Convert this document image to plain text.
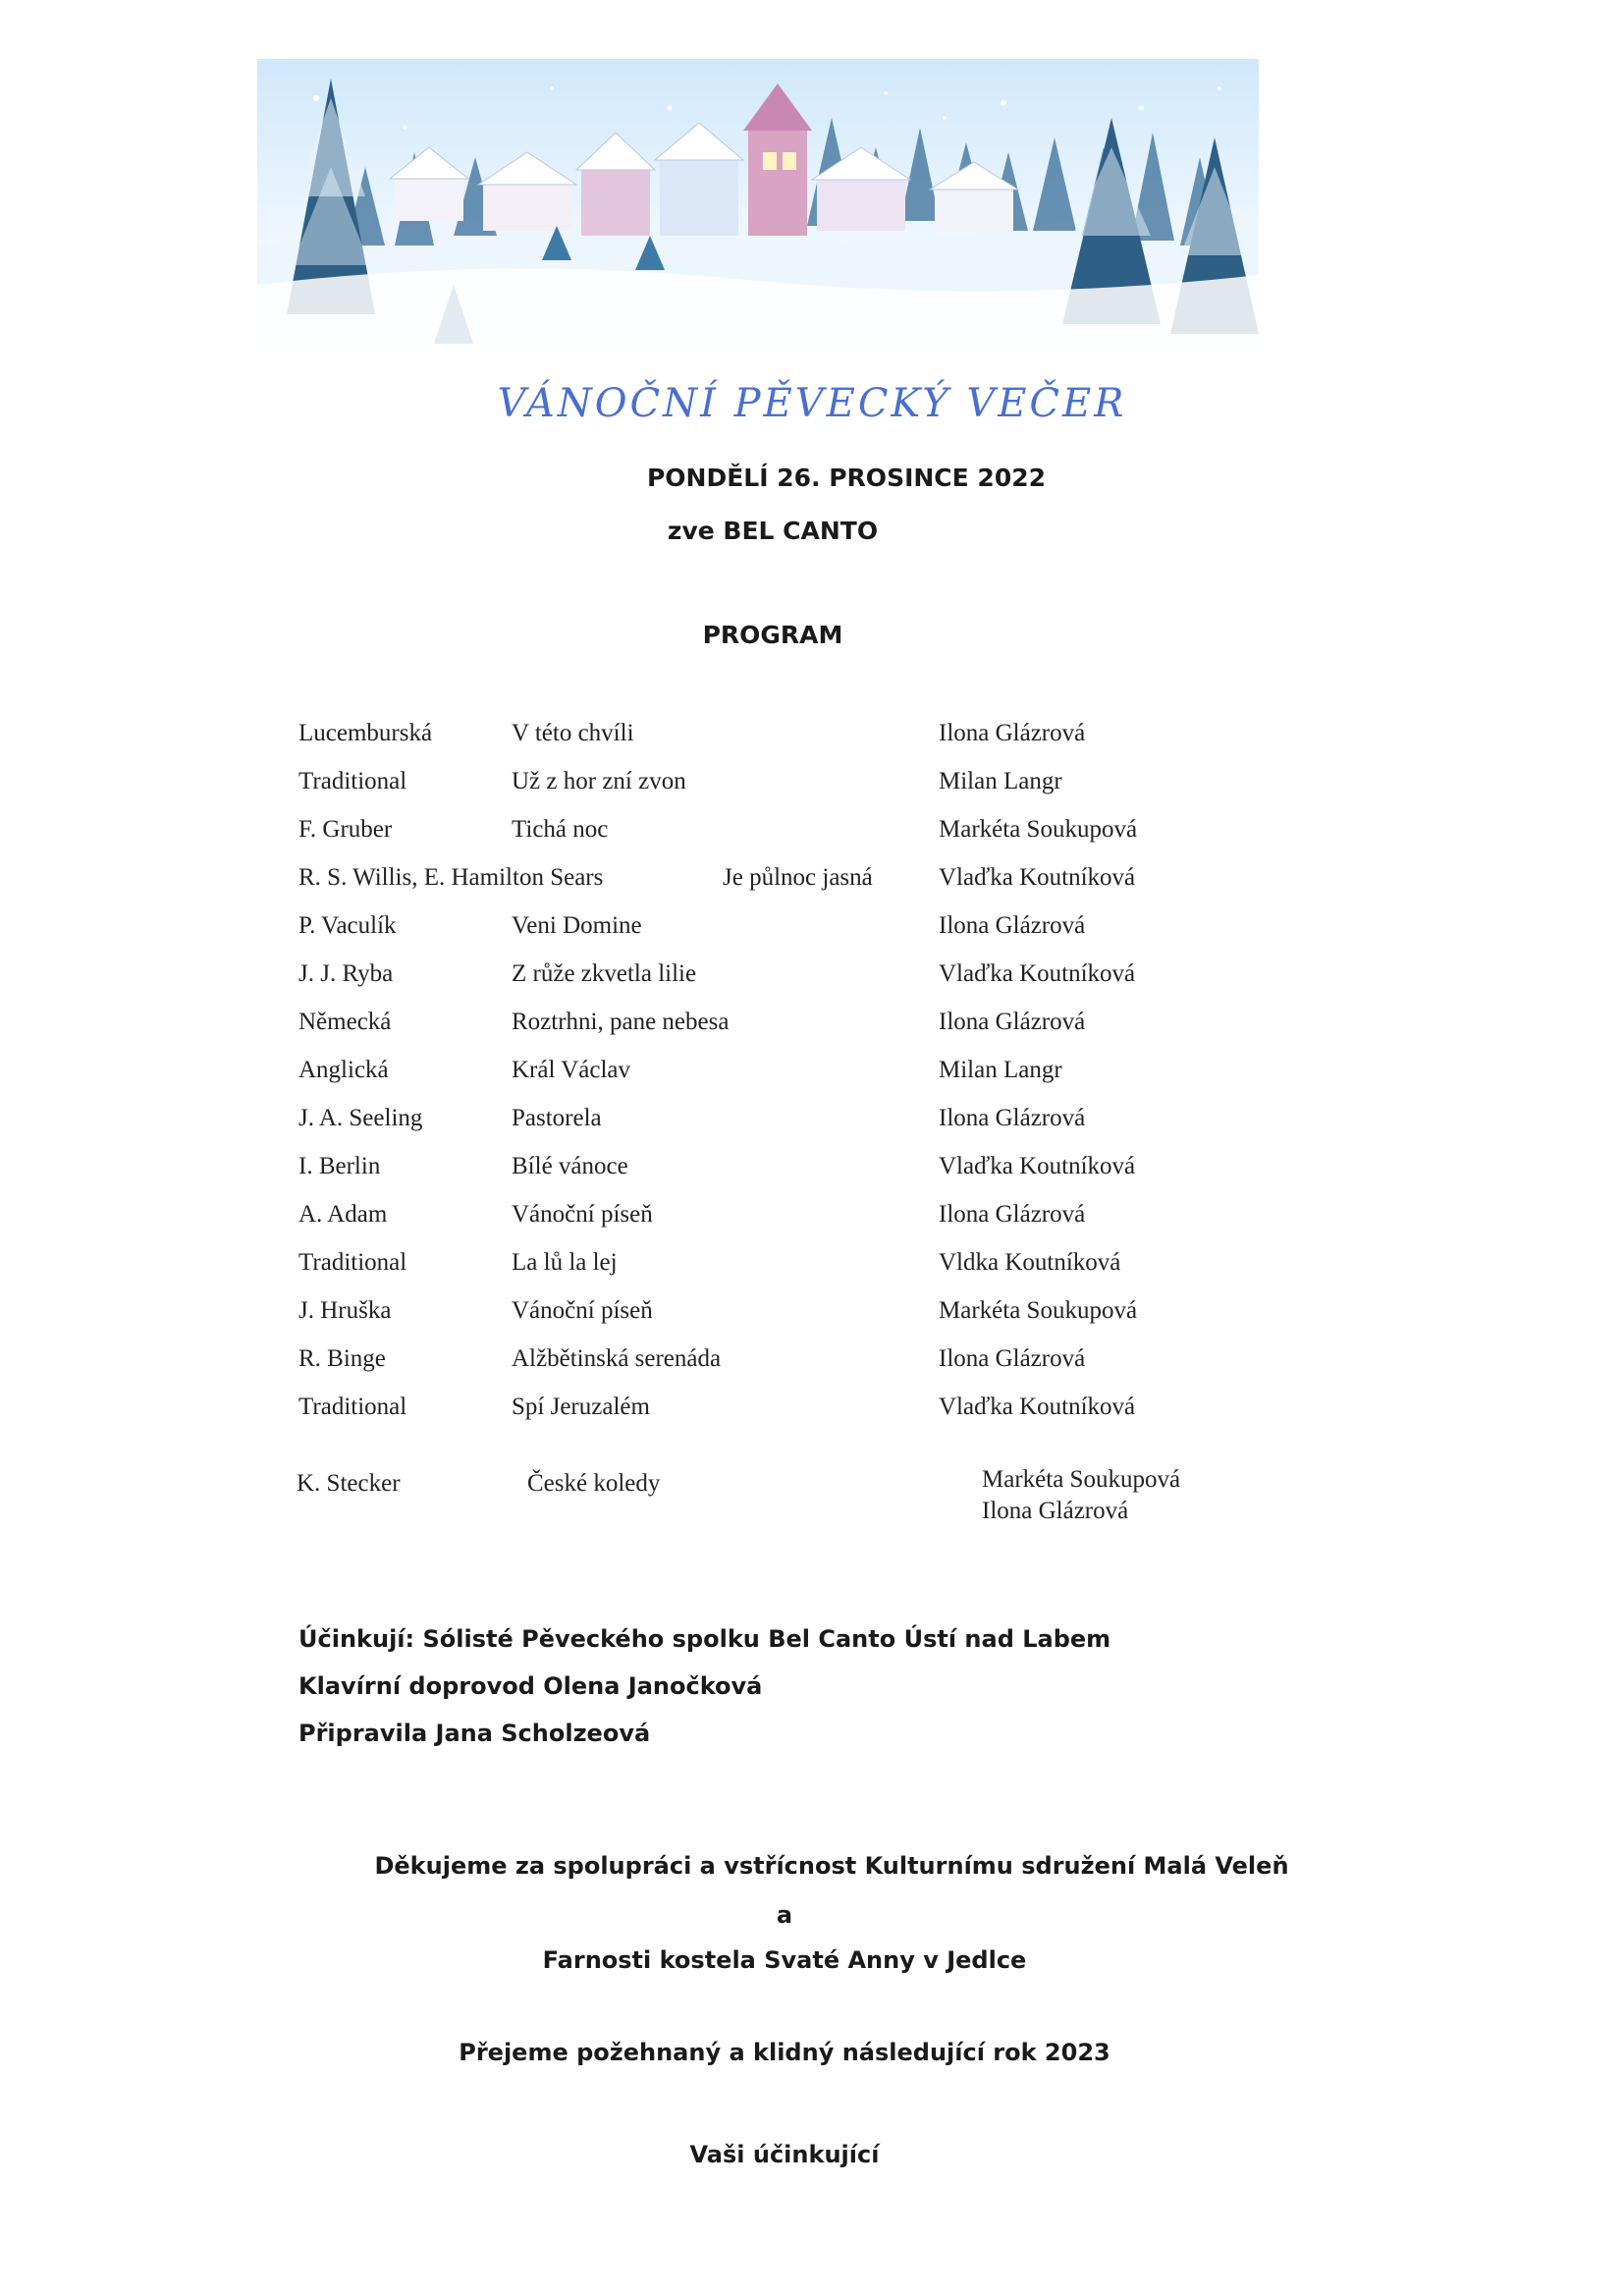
VÁNOČNÍ PĚVECKÝ VEČER
PONDĚLÍ 26. PROSINCE 2022
zve BEL CANTO
PROGRAM
Lucemburská	V této chvíli	Ilona Glázrová
Traditional	Už z hor zní zvon	Milan Langr
F. Gruber	Tichá noc	Markéta Soukupová
R. S. Willis, E. Hamilton Sears	Je půlnoc jasná	Vlaďka Koutníková
P. Vaculík	Veni Domine	Ilona Glázrová
J. J. Ryba	Z růže zkvetla lilie	Vlaďka Koutníková
Německá	Roztrhni, pane nebesa	Ilona Glázrová
Anglická	Král Václav	Milan Langr
J. A. Seeling	Pastorela	Ilona Glázrová
I. Berlin	Bílé vánoce	Vlaďka Koutníková
A. Adam	Vánoční píseň	Ilona Glázrová
Traditional	La lů la lej	Vldka Koutníková
J. Hruška	Vánoční píseň	Markéta Soukupová
R. Binge	Alžbětinská serenáda	Ilona Glázrová
Traditional	Spí Jeruzalém	Vlaďka Koutníková
K. Stecker	České koledy	Markéta Soukupová
Ilona Glázrová
Účinkují: Sólisté Pěveckého spolku Bel Canto Ústí nad Labem
Klavírní doprovod Olena Janočková
Připravila Jana Scholzeová
Děkujeme za spolupráci a vstřícnost Kulturnímu sdružení Malá Veleň
a
Farnosti kostela Svaté Anny v Jedlce
Přejeme požehnaný a klidný následující rok 2023
Vaši účinkující
